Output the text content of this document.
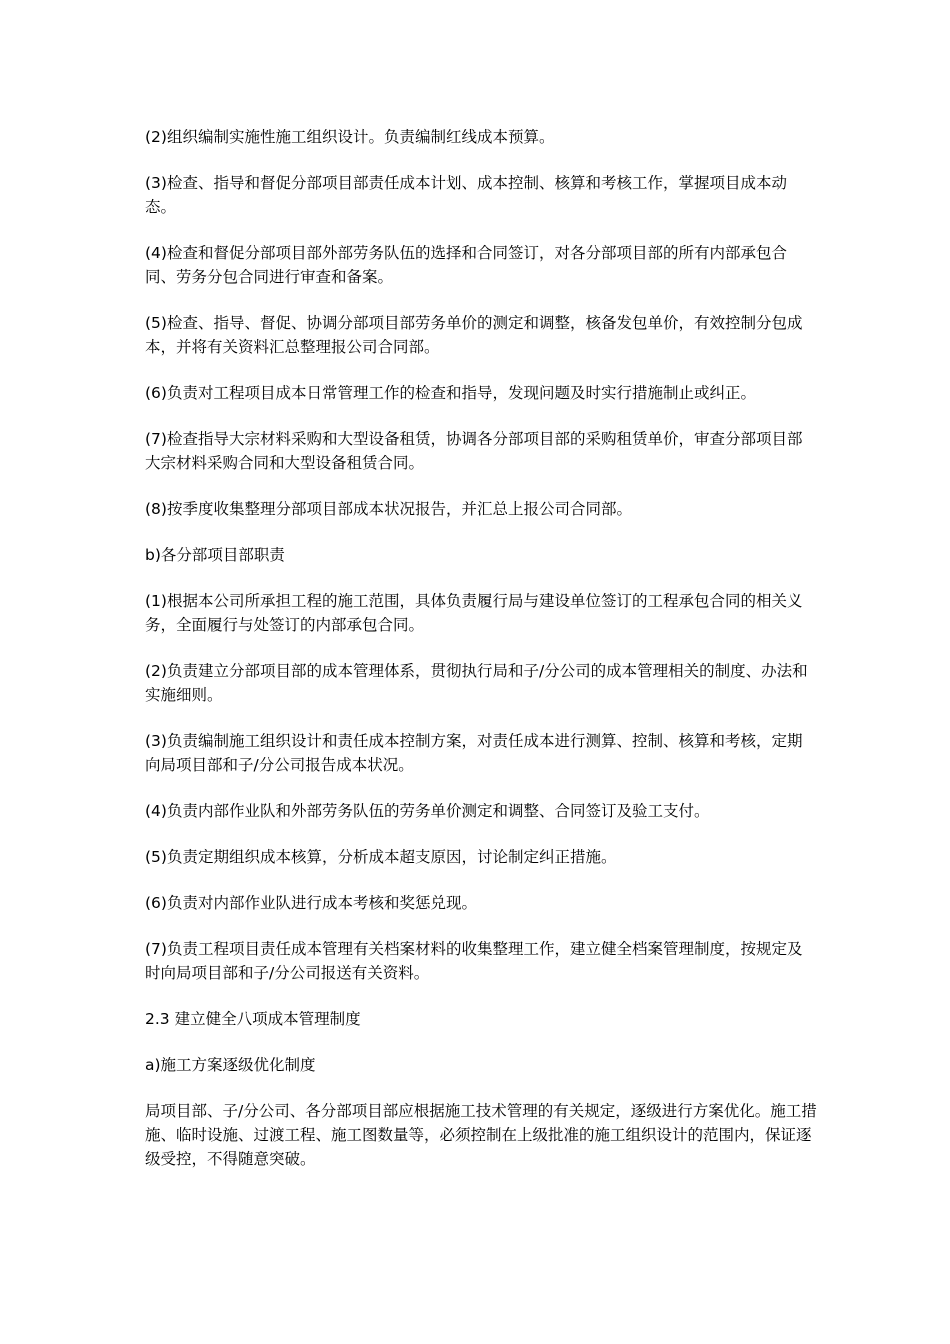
(2)组织编制实施性施工组织设计。负责编制红线成本预算。

(3)检查、指导和督促分部项目部责任成本计划、成本控制、核算和考核工作，掌握项目成本动态。

(4)检查和督促分部项目部外部劳务队伍的选择和合同签订，对各分部项目部的所有内部承包合同、劳务分包合同进行审查和备案。

(5)检查、指导、督促、协调分部项目部劳务单价的测定和调整，核备发包单价，有效控制分包成本，并将有关资料汇总整理报公司合同部。

(6)负责对工程项目成本日常管理工作的检查和指导，发现问题及时实行措施制止或纠正。

(7)检查指导大宗材料采购和大型设备租赁，协调各分部项目部的采购租赁单价，审查分部项目部大宗材料采购合同和大型设备租赁合同。

(8)按季度收集整理分部项目部成本状况报告，并汇总上报公司合同部。

b)各分部项目部职责

(1)根据本公司所承担工程的施工范围，具体负责履行局与建设单位签订的工程承包合同的相关义务，全面履行与处签订的内部承包合同。

(2)负责建立分部项目部的成本管理体系，贯彻执行局和子/分公司的成本管理相关的制度、办法和实施细则。

(3)负责编制施工组织设计和责任成本控制方案，对责任成本进行测算、控制、核算和考核，定期向局项目部和子/分公司报告成本状况。

(4)负责内部作业队和外部劳务队伍的劳务单价测定和调整、合同签订及验工支付。

(5)负责定期组织成本核算，分析成本超支原因，讨论制定纠正措施。

(6)负责对内部作业队进行成本考核和奖惩兑现。

(7)负责工程项目责任成本管理有关档案材料的收集整理工作，建立健全档案管理制度，按规定及时向局项目部和子/分公司报送有关资料。

2.3 建立健全八项成本管理制度

a)施工方案逐级优化制度

局项目部、子/分公司、各分部项目部应根据施工技术管理的有关规定，逐级进行方案优化。施工措施、临时设施、过渡工程、施工图数量等，必须控制在上级批准的施工组织设计的范围内，保证逐级受控，不得随意突破。
